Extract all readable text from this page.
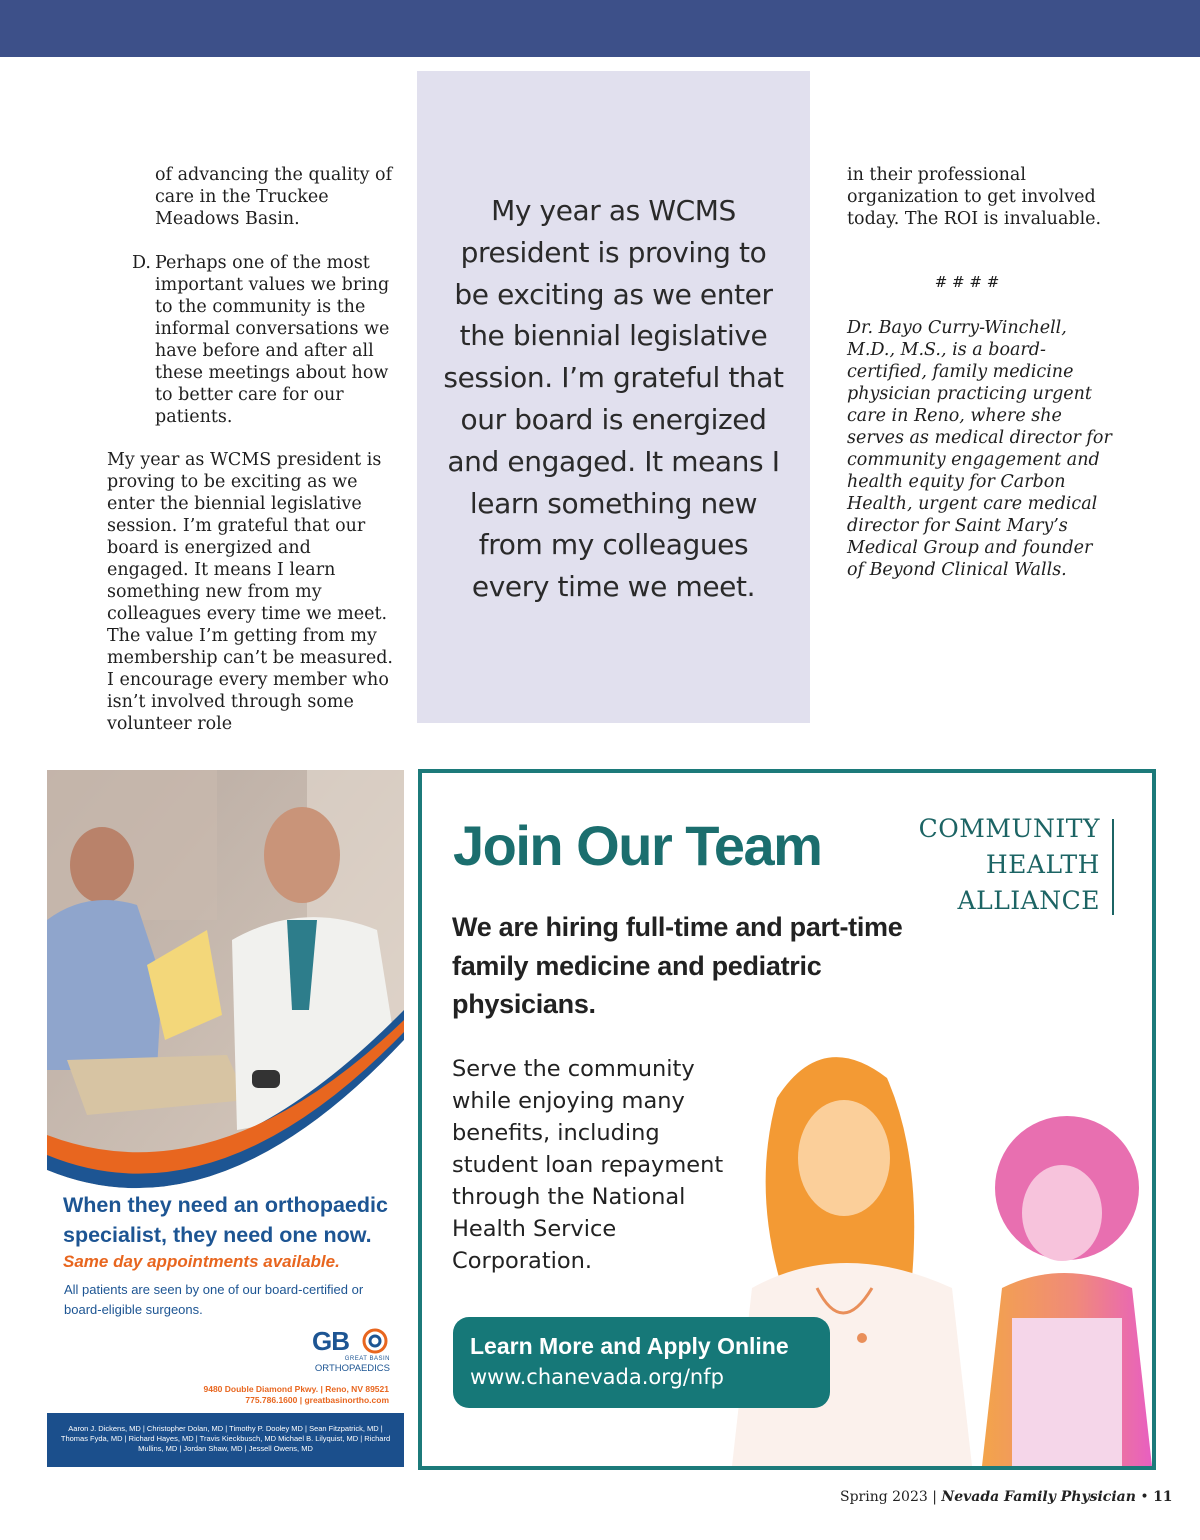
of advancing the quality of care in the Truckee Meadows Basin.
D. Perhaps one of the most important values we bring to the community is the informal conversations we have before and after all these meetings about how to better care for our patients.
My year as WCMS president is proving to be exciting as we enter the biennial legislative session. I’m grateful that our board is energized and engaged. It means I learn something new from my colleagues every time we meet. The value I’m getting from my membership can’t be measured. I encourage every member who isn’t involved through some volunteer role
My year as WCMS president is proving to be exciting as we enter the biennial legislative session. I’m grateful that our board is energized and engaged. It means I learn something new from my colleagues every time we meet.
in their professional organization to get involved today. The ROI is invaluable.
# # # #
Dr. Bayo Curry-Winchell, M.D., M.S., is a board-certified, family medicine physician practicing urgent care in Reno, where she serves as medical director for community engagement and health equity for Carbon Health, urgent care medical director for Saint Mary’s Medical Group and founder of Beyond Clinical Walls.
When they need an orthopaedic specialist, they need one now.
Same day appointments available.
All patients are seen by one of our board-certified or board-eligible surgeons.
GB
GREAT BASIN
ORTHOPAEDICS
9480 Double Diamond Pkwy. | Reno, NV 89521
775.786.1600 | greatbasinortho.com
Aaron J. Dickens, MD | Christopher Dolan, MD | Timothy P. Dooley MD | Sean Fitzpatrick, MD | Thomas Fyda, MD | Richard Hayes, MD | Travis Kieckbusch, MD Michael B. Lilyquist, MD | Richard Mullins, MD | Jordan Shaw, MD | Jessell Owens, MD
Join Our Team	COMMUNITY
HEALTH
ALLIANCE
We are hiring full-time and part-time family medicine and pediatric physicians.
Serve the community while enjoying many benefits, including student loan repayment through the National Health Service Corporation.
Learn More and Apply Online
www.chanevada.org/nfp
Spring 2023 | Nevada Family Physician • 11
